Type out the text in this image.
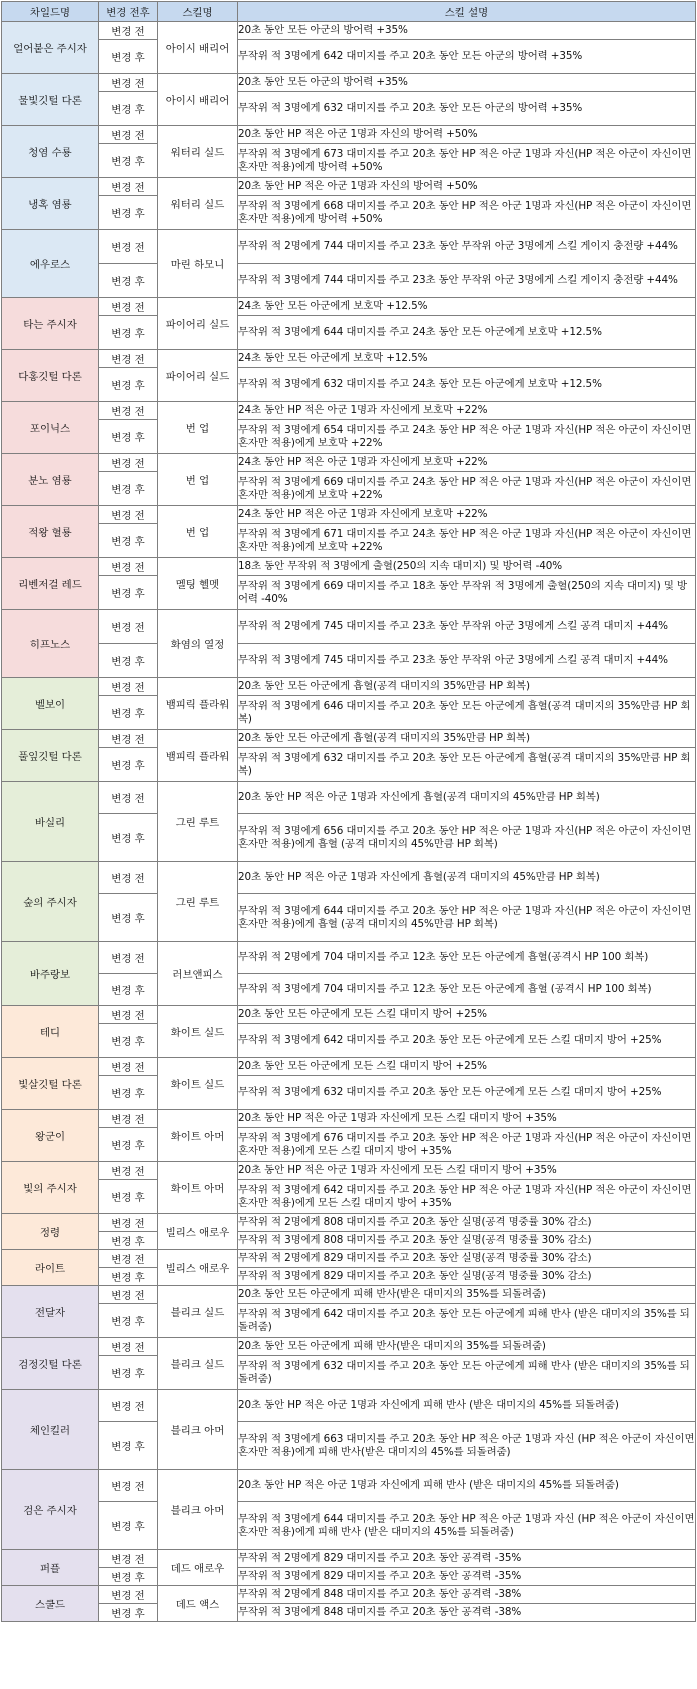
차일드명	변경 전후	스킬명	스킬 설명
얼어붙은 주시자	변경 전	아이시 배리어	20초 동안 모든 아군의 방어력 +35%
	변경 후		무작위 적 3명에게 642 대미지를 주고 20초 동안 모든 아군의 방어력 +35%
물빛깃털 다론	변경 전	아이시 배리어	20초 동안 모든 아군의 방어력 +35%
	변경 후		무작위 적 3명에게 632 대미지를 주고 20초 동안 모든 아군의 방어력 +35%
청염 수룡	변경 전	워터리 실드	20초 동안 HP 적은 아군 1명과 자신의 방어력 +50%
	변경 후		무작위 적 3명에게 673 대미지를 주고 20초 동안 HP 적은 아군 1명과 자신(HP 적은 아군이 자신이면 혼자만 적용)에게 방어력 +50%
냉혹 염룡	변경 전	워터리 실드	20초 동안 HP 적은 아군 1명과 자신의 방어력 +50%
	변경 후		무작위 적 3명에게 668 대미지를 주고 20초 동안 HP 적은 아군 1명과 자신(HP 적은 아군이 자신이면 혼자만 적용)에게 방어력 +50%
에우로스	변경 전	마린 하모니	무작위 적 2명에게 744 대미지를 주고 23초 동안 무작위 아군 3명에게 스킬 게이지 충전량 +44%
	변경 후		무작위 적 3명에게 744 대미지를 주고 23초 동안 무작위 아군 3명에게 스킬 게이지 충전량 +44%
타는 주시자	변경 전	파이어리 실드	24초 동안 모든 아군에게 보호막 +12.5%
	변경 후		무작위 적 3명에게 644 대미지를 주고 24초 동안 모든 아군에게 보호막 +12.5%
다홍깃털 다론	변경 전	파이어리 실드	24초 동안 모든 아군에게 보호막 +12.5%
	변경 후		무작위 적 3명에게 632 대미지를 주고 24초 동안 모든 아군에게 보호막 +12.5%
포이닉스	변경 전	번 업	24초 동안 HP 적은 아군 1명과 자신에게 보호막 +22%
	변경 후		무작위 적 3명에게 654 대미지를 주고 24초 동안 HP 적은 아군 1명과 자신(HP 적은 아군이 자신이면 혼자만 적용)에게 보호막 +22%
분노 염룡	변경 전	번 업	24초 동안 HP 적은 아군 1명과 자신에게 보호막 +22%
	변경 후		무작위 적 3명에게 669 대미지를 주고 24초 동안 HP 적은 아군 1명과 자신(HP 적은 아군이 자신이면 혼자만 적용)에게 보호막 +22%
적왕 혈룡	변경 전	번 업	24초 동안 HP 적은 아군 1명과 자신에게 보호막 +22%
	변경 후		무작위 적 3명에게 671 대미지를 주고 24초 동안 HP 적은 아군 1명과 자신(HP 적은 아군이 자신이면 혼자만 적용)에게 보호막 +22%
리벤저걸 레드	변경 전	멜팅 헬멧	18초 동안 무작위 적 3명에게 출혈(250의 지속 대미지) 및 방어력 -40%
	변경 후		무작위 적 3명에게 669 대미지를 주고 18초 동안 무작위 적 3명에게 출혈(250의 지속 대미지) 및 방어력 -40%
히프노스	변경 전	화염의 열정	무작위 적 2명에게 745 대미지를 주고 23초 동안 무작위 아군 3명에게 스킬 공격 대미지 +44%
	변경 후		무작위 적 3명에게 745 대미지를 주고 23초 동안 무작위 아군 3명에게 스킬 공격 대미지 +44%
벨보이	변경 전	뱀피릭 플라워	20초 동안 모든 아군에게 흡혈(공격 대미지의 35%만큼 HP 회복)
	변경 후		무작위 적 3명에게 646 대미지를 주고 20초 동안 모든 아군에게 흡혈(공격 대미지의 35%만큼 HP 회복)
풀잎깃털 다론	변경 전	뱀피릭 플라워	20초 동안 모든 아군에게 흡혈(공격 대미지의 35%만큼 HP 회복)
	변경 후		무작위 적 3명에게 632 대미지를 주고 20초 동안 모든 아군에게 흡혈(공격 대미지의 35%만큼 HP 회복)
바실리	변경 전	그린 루트	20초 동안 HP 적은 아군 1명과 자신에게 흡혈(공격 대미지의 45%만큼 HP 회복)
	변경 후		무작위 적 3명에게 656 대미지를 주고 20초 동안 HP 적은 아군 1명과 자신(HP 적은 아군이 자신이면 혼자만 적용)에게 흡혈 (공격 대미지의 45%만큼 HP 회복)
숲의 주시자	변경 전	그린 루트	20초 동안 HP 적은 아군 1명과 자신에게 흡혈(공격 대미지의 45%만큼 HP 회복)
	변경 후		무작위 적 3명에게 644 대미지를 주고 20초 동안 HP 적은 아군 1명과 자신(HP 적은 아군이 자신이면 혼자만 적용)에게 흡혈 (공격 대미지의 45%만큼 HP 회복)
바주랑보	변경 전	러브앤피스	무작위 적 2명에게 704 대미지를 주고 12초 동안 모든 아군에게 흡혈(공격시 HP 100 회복)
	변경 후		무작위 적 3명에게 704 대미지를 주고 12초 동안 모든 아군에게 흡혈 (공격시 HP 100 회복)
테디	변경 전	화이트 실드	20초 동안 모든 아군에게 모든 스킬 대미지 방어 +25%
	변경 후		무작위 적 3명에게 642 대미지를 주고 20초 동안 모든 아군에게 모든 스킬 대미지 방어 +25%
빛살깃털 다론	변경 전	화이트 실드	20초 동안 모든 아군에게 모든 스킬 대미지 방어 +25%
	변경 후		무작위 적 3명에게 632 대미지를 주고 20초 동안 모든 아군에게 모든 스킬 대미지 방어 +25%
왕군이	변경 전	화이트 아머	20초 동안 HP 적은 아군 1명과 자신에게 모든 스킬 대미지 방어 +35%
	변경 후		무작위 적 3명에게 676 대미지를 주고 20초 동안 HP 적은 아군 1명과 자신(HP 적은 아군이 자신이면 혼자만 적용)에게 모든 스킬 대미지 방어 +35%
빛의 주시자	변경 전	화이트 아머	20초 동안 HP 적은 아군 1명과 자신에게 모든 스킬 대미지 방어 +35%
	변경 후		무작위 적 3명에게 642 대미지를 주고 20초 동안 HP 적은 아군 1명과 자신(HP 적은 아군이 자신이면 혼자만 적용)에게 모든 스킬 대미지 방어 +35%
정령	변경 전	빌리스 애로우	무작위 적 2명에게 808 대미지를 주고 20초 동안 실명(공격 명중률 30% 감소)
	변경 후		무작위 적 3명에게 808 대미지를 주고 20초 동안 실명(공격 명중률 30% 감소)
라이트	변경 전	빌리스 애로우	무작위 적 2명에게 829 대미지를 주고 20초 동안 실명(공격 명중률 30% 감소)
	변경 후		무작위 적 3명에게 829 대미지를 주고 20초 동안 실명(공격 명중률 30% 감소)
전달자	변경 전	블리크 실드	20초 동안 모든 아군에게 피해 반사(받은 대미지의 35%를 되돌려줌)
	변경 후		무작위 적 3명에게 642 대미지를 주고 20초 동안 모든 아군에게 피해 반사 (받은 대미지의 35%를 되돌려줌)
검정깃털 다론	변경 전	블리크 실드	20초 동안 모든 아군에게 피해 반사(받은 대미지의 35%를 되돌려줌)
	변경 후		무작위 적 3명에게 632 대미지를 주고 20초 동안 모든 아군에게 피해 반사 (받은 대미지의 35%를 되돌려줌)
체인킬러	변경 전	블리크 아머	20초 동안 HP 적은 아군 1명과 자신에게 피해 반사 (받은 대미지의 45%를 되돌려줌)
	변경 후		무작위 적 3명에게 663 대미지를 주고 20초 동안 HP 적은 아군 1명과 자신 (HP 적은 아군이 자신이면 혼자만 적용)에게 피해 반사(받은 대미지의 45%를 되돌려줌)
검은 주시자	변경 전	블리크 아머	20초 동안 HP 적은 아군 1명과 자신에게 피해 반사 (받은 대미지의 45%를 되돌려줌)
	변경 후		무작위 적 3명에게 644 대미지를 주고 20초 동안 HP 적은 아군 1명과 자신 (HP 적은 아군이 자신이면 혼자만 적용)에게 피해 반사 (받은 대미지의 45%를 되돌려줌)
퍼플	변경 전	데드 애로우	무작위 적 2명에게 829 대미지를 주고 20초 동안 공격력 -35%
	변경 후		무작위 적 3명에게 829 대미지를 주고 20초 동안 공격력 -35%
스쿨드	변경 전	데드 액스	무작위 적 2명에게 848 대미지를 주고 20초 동안 공격력 -38%
	변경 후		무작위 적 3명에게 848 대미지를 주고 20초 동안 공격력 -38%
